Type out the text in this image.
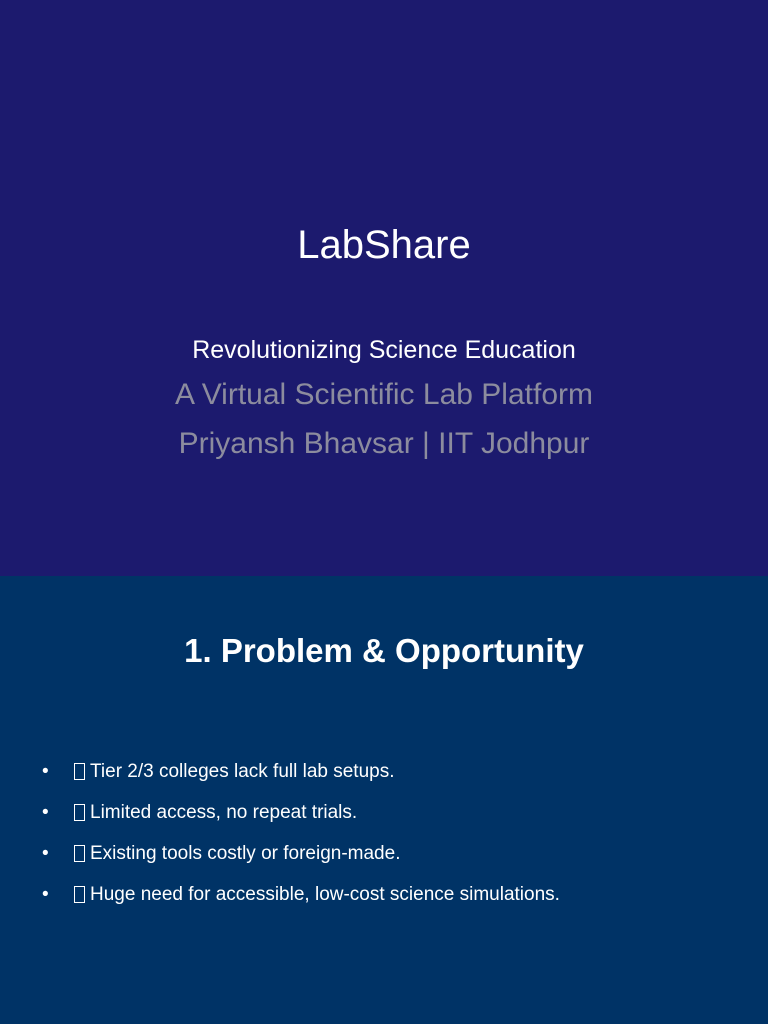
LabShare
Revolutionizing Science Education
A Virtual Scientific Lab Platform
Priyansh Bhavsar | IIT Jodhpur
1. Problem & Opportunity
•	Tier 2/3 colleges lack full lab setups.
•	Limited access, no repeat trials.
•	Existing tools costly or foreign-made.
•	Huge need for accessible, low-cost science simulations.
